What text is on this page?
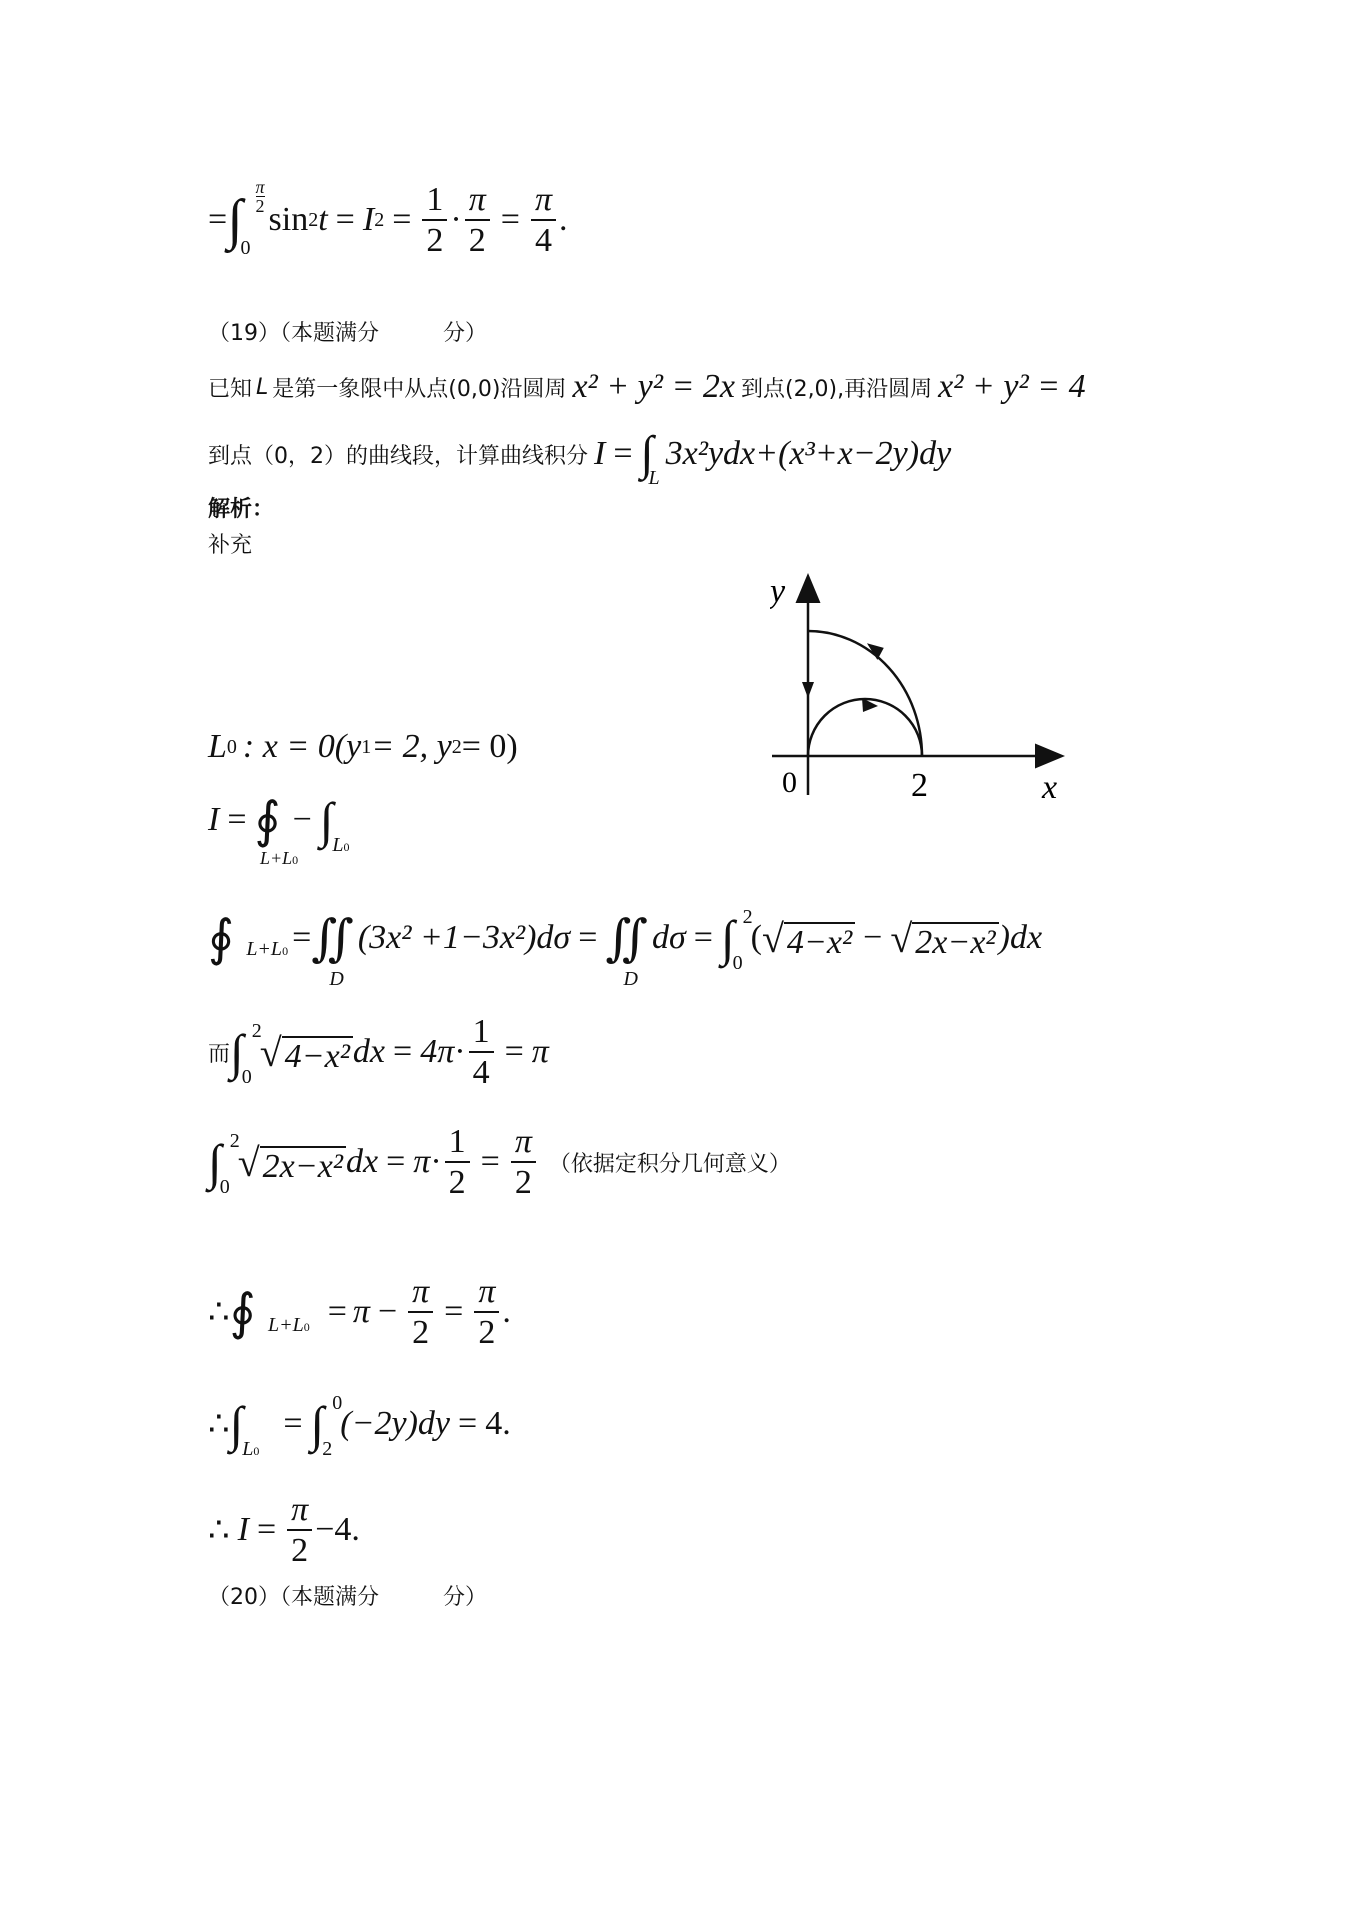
= ∫ $\frac{\pi}{2}$
0
sin 2 t = I $2 = \frac{1}{2} \cdot \frac{\pi}{2} = \frac{\pi}{4}$ .
（19）（本题满分	分）
已知 L 是第一象限中从点(0,0)沿圆周 x² + y² = 2x 到点(2,0),再沿圆周 x² + y² = 4
到点（0，2）的曲线段，计算曲线积分 I = ∫
L
3x²ydx+(x³+x−2y)dy
解析：
补充
y
x
0	2
L 0 : x = 0(y 1 = 2, y 2 = 0)
I = ∮
L+L0
− ∫
L0
∮ L+L0 = ∬
D
(3x² +1−3x²)dσ = ∬
D
dσ = ∫ 2
0
( √ 4−x² − √ 2x−x² )dx
而 ∫ 2
0
√ 4−x² dx = $4\pi \cdot \frac{1}{4} = \pi$
∫ 2
0
√ 2x−x² dx = $\pi \cdot \frac{1}{2} = \frac{\pi}{2}$ （依据定积分几何意义）
∴ ∮ $L+L0 = \pi - \frac{\pi}{2} = \frac{\pi}{2}$ .
∴ ∫
L0
= ∫ 0
2
(−2y)dy = 4.
∴ $I = \frac{\pi}{2} -4$.
（20）（本题满分	分）
